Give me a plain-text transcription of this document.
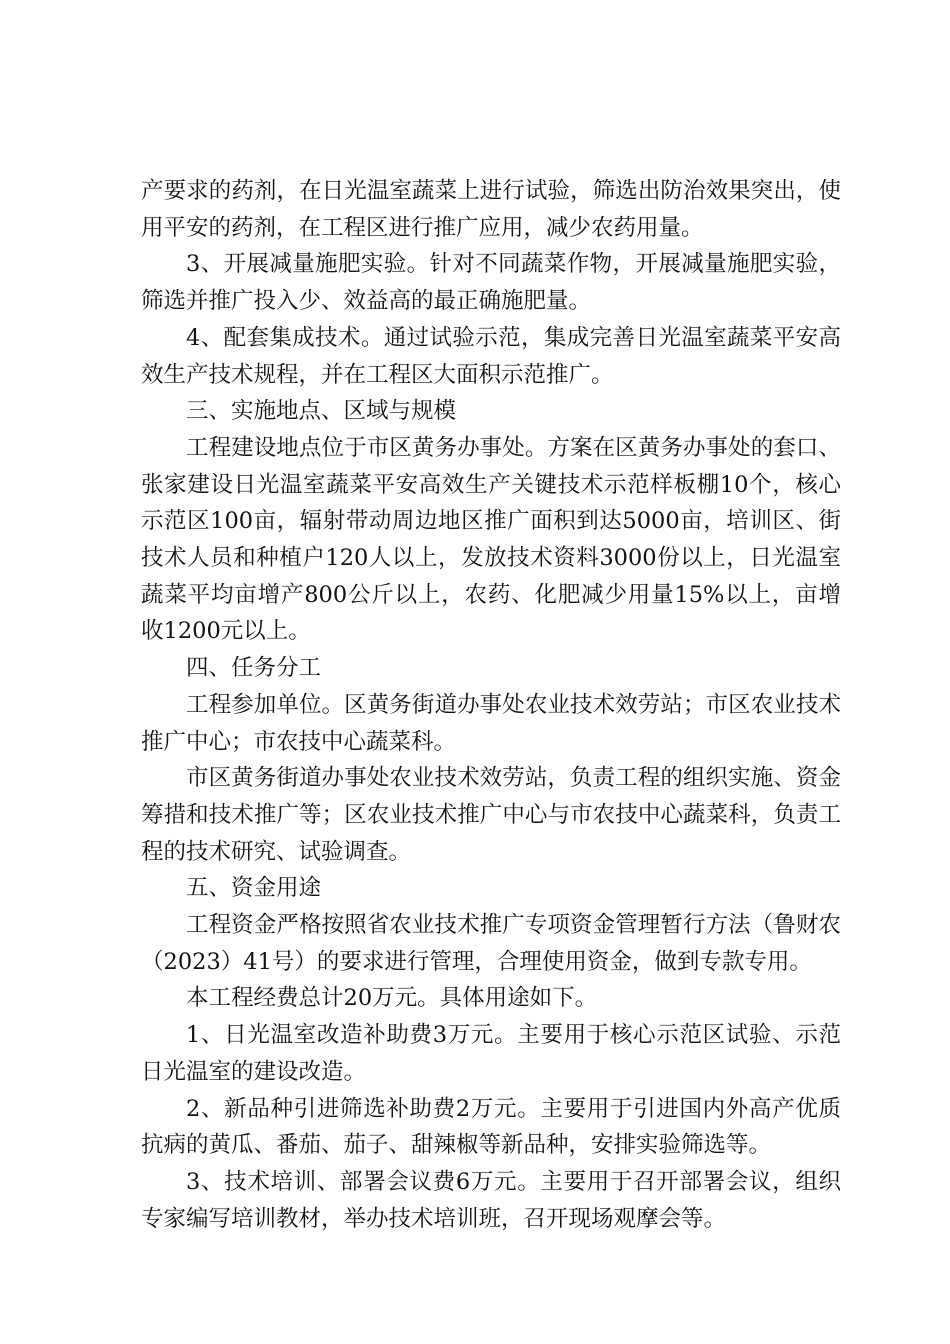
产要求的药剂，在日光温室蔬菜上进行试验，筛选出防治效果突出，使用平安的药剂，在工程区进行推广应用，减少农药用量。

3、开展减量施肥实验。针对不同蔬菜作物，开展减量施肥实验，筛选并推广投入少、效益高的最正确施肥量。

4、配套集成技术。通过试验示范，集成完善日光温室蔬菜平安高效生产技术规程，并在工程区大面积示范推广。

三、实施地点、区域与规模

工程建设地点位于市区黄务办事处。方案在区黄务办事处的套口、张家建设日光温室蔬菜平安高效生产关键技术示范样板棚10个，核心示范区100亩，辐射带动周边地区推广面积到达5000亩，培训区、街技术人员和种植户120人以上，发放技术资料3000份以上，日光温室蔬菜平均亩增产800公斤以上，农药、化肥减少用量15%以上，亩增收1200元以上。

四、任务分工

工程参加单位。区黄务街道办事处农业技术效劳站；市区农业技术推广中心；市农技中心蔬菜科。

市区黄务街道办事处农业技术效劳站，负责工程的组织实施、资金筹措和技术推广等；区农业技术推广中心与市农技中心蔬菜科，负责工程的技术研究、试验调查。

五、资金用途

工程资金严格按照省农业技术推广专项资金管理暂行方法（鲁财农（2023）41号）的要求进行管理，合理使用资金，做到专款专用。

本工程经费总计20万元。具体用途如下。

1、日光温室改造补助费3万元。主要用于核心示范区试验、示范日光温室的建设改造。

2、新品种引进筛选补助费2万元。主要用于引进国内外高产优质抗病的黄瓜、番茄、茄子、甜辣椒等新品种，安排实验筛选等。

3、技术培训、部署会议费6万元。主要用于召开部署会议，组织专家编写培训教材，举办技术培训班，召开现场观摩会等。
